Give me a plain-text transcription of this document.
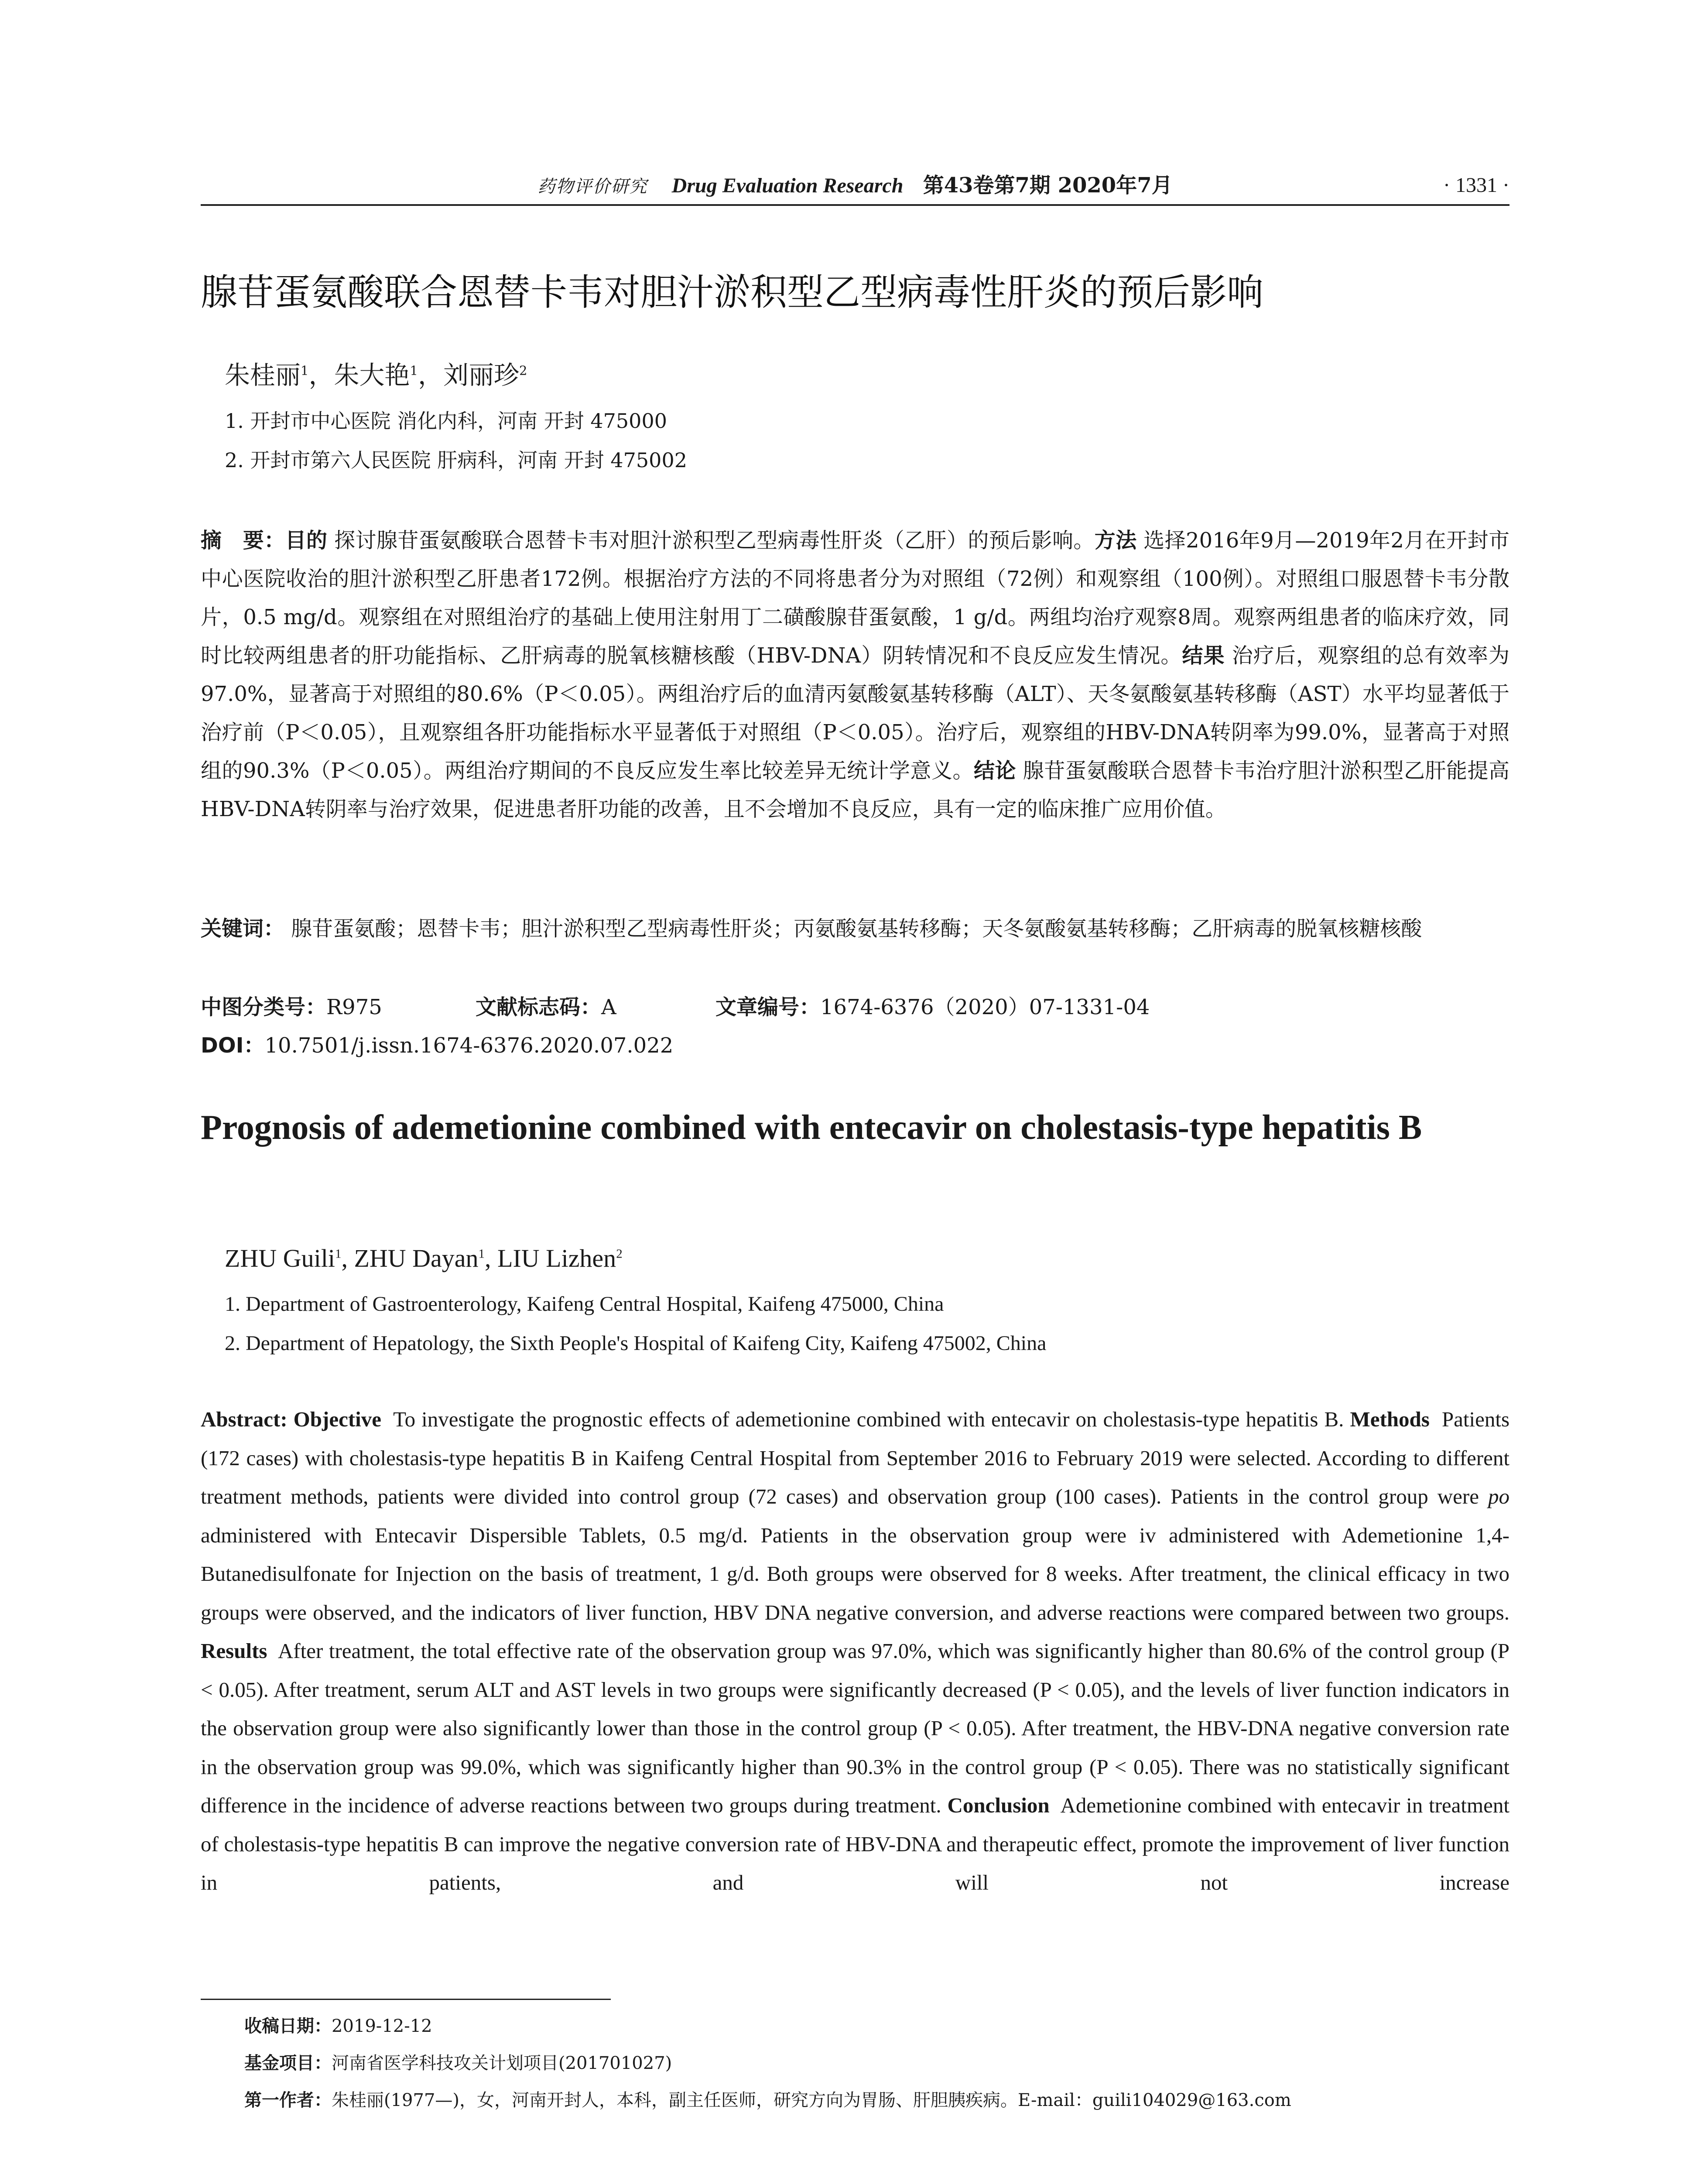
药物评价研究 Drug Evaluation Research 第43卷第7期 2020年7月	· 1331 ·
腺苷蛋氨酸联合恩替卡韦对胆汁淤积型乙型病毒性肝炎的预后影响
朱桂丽$^1$，朱大艳$^1$，刘丽珍$^2$
1. 开封市中心医院 消化内科，河南 开封 475000
2. 开封市第六人民医院 肝病科，河南 开封 475002
摘　要：目的 探讨腺苷蛋氨酸联合恩替卡韦对胆汁淤积型乙型病毒性肝炎（乙肝）的预后影响。方法 选择2016年9月—2019年2月在开封市中心医院收治的胆汁淤积型乙肝患者172例。根据治疗方法的不同将患者分为对照组（72例）和观察组（100例）。对照组口服恩替卡韦分散片，0.5 mg/d。观察组在对照组治疗的基础上使用注射用丁二磺酸腺苷蛋氨酸，1 g/d。两组均治疗观察8周。观察两组患者的临床疗效，同时比较两组患者的肝功能指标、乙肝病毒的脱氧核糖核酸（HBV-DNA）阴转情况和不良反应发生情况。结果 治疗后，观察组的总有效率为97.0%，显著高于对照组的80.6%（P＜0.05）。两组治疗后的血清丙氨酸氨基转移酶（ALT）、天冬氨酸氨基转移酶（AST）水平均显著低于治疗前（P＜0.05），且观察组各肝功能指标水平显著低于对照组（P＜0.05）。治疗后，观察组的HBV-DNA转阴率为99.0%，显著高于对照组的90.3%（P＜0.05）。两组治疗期间的不良反应发生率比较差异无统计学意义。结论 腺苷蛋氨酸联合恩替卡韦治疗胆汁淤积型乙肝能提高HBV-DNA转阴率与治疗效果，促进患者肝功能的改善，且不会增加不良反应，具有一定的临床推广应用价值。
关键词： 腺苷蛋氨酸；恩替卡韦；胆汁淤积型乙型病毒性肝炎；丙氨酸氨基转移酶；天冬氨酸氨基转移酶；乙肝病毒的脱氧核糖核酸
中图分类号：R975	文献标志码：A	文章编号：1674-6376（2020）07-1331-04
DOI：10.7501/j.issn.1674-6376.2020.07.022
Prognosis of ademetionine combined with entecavir on cholestasis-type hepatitis B
ZHU Guili$^1$, ZHU Dayan$^1$, LIU Lizhen$^2$
1. Department of Gastroenterology, Kaifeng Central Hospital, Kaifeng 475000, China
2. Department of Hepatology, the Sixth People's Hospital of Kaifeng City, Kaifeng 475002, China
Abstract: Objective To investigate the prognostic effects of ademetionine combined with entecavir on cholestasis-type hepatitis B. Methods Patients (172 cases) with cholestasis-type hepatitis B in Kaifeng Central Hospital from September 2016 to February 2019 were selected. According to different treatment methods, patients were divided into control group (72 cases) and observation group (100 cases). Patients in the control group were po administered with Entecavir Dispersible Tablets, 0.5 mg/d. Patients in the observation group were iv administered with Ademetionine 1,4-Butanedisulfonate for Injection on the basis of treatment, 1 g/d. Both groups were observed for 8 weeks. After treatment, the clinical efficacy in two groups were observed, and the indicators of liver function, HBV DNA negative conversion, and adverse reactions were compared between two groups. Results After treatment, the total effective rate of the observation group was 97.0%, which was significantly higher than 80.6% of the control group (P < 0.05). After treatment, serum ALT and AST levels in two groups were significantly decreased (P < 0.05), and the levels of liver function indicators in the observation group were also significantly lower than those in the control group (P < 0.05). After treatment, the HBV-DNA negative conversion rate in the observation group was 99.0%, which was significantly higher than 90.3% in the control group (P < 0.05). There was no statistically significant difference in the incidence of adverse reactions between two groups during treatment. Conclusion Ademetionine combined with entecavir in treatment of cholestasis-type hepatitis B can improve the negative conversion rate of HBV-DNA and therapeutic effect, promote the improvement of liver function in patients, and will not increase
收稿日期：2019-12-12
基金项目：河南省医学科技攻关计划项目(201701027)
第一作者：朱桂丽(1977—)，女，河南开封人，本科，副主任医师，研究方向为胃肠、肝胆胰疾病。E-mail：guili104029@163.com
